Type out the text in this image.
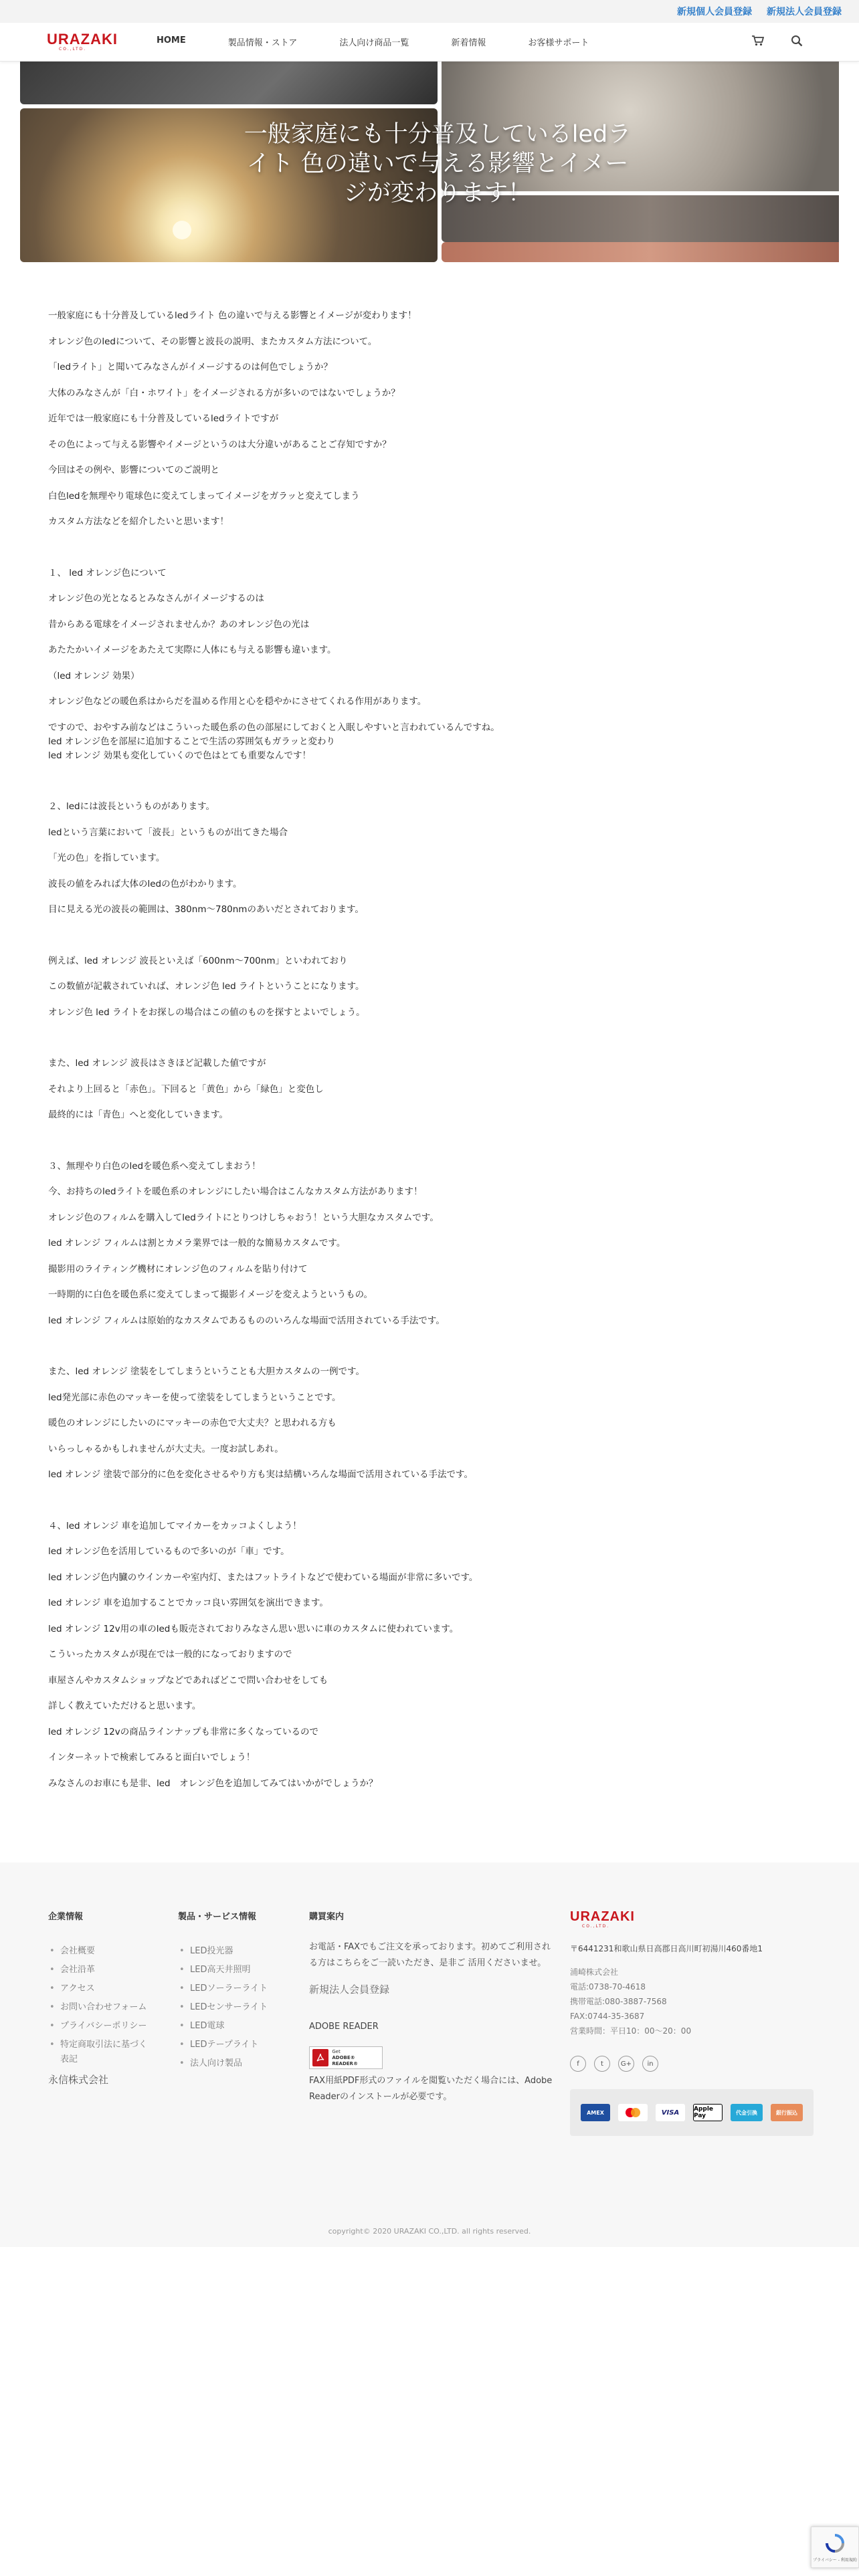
新規個人会員登録 新規法人会員登録
URAZAKI
CO.,LTD.
HOME	製品情報・ストア	法人向け商品一覧	新着情報	お客様サポート
一般家庭にも十分普及しているledライト 色の違いで与える影響とイメージが変わります！

一般家庭にも十分普及しているledライト 色の違いで与える影響とイメージが変わります！

オレンジ色のledについて、その影響と波長の説明、またカスタム方法について。

「ledライト」と聞いてみなさんがイメージするのは何色でしょうか？

大体のみなさんが「白・ホワイト」をイメージされる方が多いのではないでしょうか？

近年では一般家庭にも十分普及しているledライトですが

その色によって与える影響やイメージというのは大分違いがあることご存知ですか？

今回はその例や、影響についてのご説明と

白色ledを無理やり電球色に変えてしまってイメージをガラッと変えてしまう

カスタム方法などを紹介したいと思います！

１、 led オレンジ色について

オレンジ色の光となるとみなさんがイメージするのは

昔からある電球をイメージされませんか？あのオレンジ色の光は

あたたかいイメージをあたえて実際に人体にも与える影響も違います。

（led オレンジ 効果）

オレンジ色などの暖色系はからだを温める作用と心を穏やかにさせてくれる作用があります。

ですので、おやすみ前などはこういった暖色系の色の部屋にしておくと入眠しやすいと言われているんですね。

led オレンジ色を部屋に追加することで生活の雰囲気もガラッと変わり

led オレンジ 効果も変化していくので色はとても重要なんです！

２、ledには波長というものがあります。

ledという言葉において「波長」というものが出てきた場合

「光の色」を指しています。

波長の値をみれば大体のledの色がわかります。

目に見える光の波長の範囲は、380nm～780nmのあいだとされております。

例えば、led オレンジ 波長といえば「600nm～700nm」といわれており

この数値が記載されていれば、オレンジ色 led ライトということになります。

オレンジ色 led ライトをお探しの場合はこの値のものを探すとよいでしょう。

また、led オレンジ 波長はさきほど記載した値ですが

それより上回ると「赤色」。下回ると「黄色」から「緑色」と変色し

最終的には「青色」へと変化していきます。

３、無理やり白色のledを暖色系へ変えてしまおう！

今、お持ちのledライトを暖色系のオレンジにしたい場合はこんなカスタム方法があります！

オレンジ色のフィルムを購入してledライトにとりつけしちゃおう！という大胆なカスタムです。

led オレンジ フィルムは割とカメラ業界では一般的な簡易カスタムです。

撮影用のライティング機材にオレンジ色のフィルムを貼り付けて

一時期的に白色を暖色系に変えてしまって撮影イメージを変えようというもの。

led オレンジ フィルムは原始的なカスタムであるもののいろんな場面で活用されている手法です。

また、led オレンジ 塗装をしてしまうということも大胆カスタムの一例です。

led発光部に赤色のマッキーを使って塗装をしてしまうということです。

暖色のオレンジにしたいのにマッキーの赤色で大丈夫？と思われる方も

いらっしゃるかもしれませんが大丈夫。一度お試しあれ。

led オレンジ 塗装で部分的に色を変化させるやり方も実は結構いろんな場面で活用されている手法です。

４、led オレンジ 車を追加してマイカーをカッコよくしよう！

led オレンジ色を活用しているもので多いのが「車」です。

led オレンジ色内臓のウインカーや室内灯、またはフットライトなどで使わている場面が非常に多いです。

led オレンジ 車を追加することでカッコ良い雰囲気を演出できます。

led オレンジ 12v用の車のledも販売されておりみなさん思い思いに車のカスタムに使われています。

こういったカスタムが現在では一般的になっておりますので

車屋さんやカスタムショップなどであればどこで問い合わせをしても

詳しく教えていただけると思います。

led オレンジ 12vの商品ラインナップも非常に多くなっているので

インターネットで検索してみると面白いでしょう！

みなさんのお車にも是非、led　オレンジ色を追加してみてはいかがでしょうか？

企業情報
• 会社概要
• 会社沿革
• アクセス
• お問い合わせフォーム
• プライバシーポリシー
• 特定商取引法に基づく表記
永信株式会社
製品・サービス情報
• LED投光器
• LED高天井照明
• LEDソーラーライト
• LEDセンサーライト
• LED電球
• LEDテープライト
• 法人向け製品
購買案内
お電話・FAXでもご注文を承っております。初めてご利用される方はこちらをご一読いただき、是非ご 活用くださいませ。
新規法人会員登録
ADOBE READER
Get
ADOBE® READER®
FAX用紙PDF形式のファイルを閲覧いただく場合には、Adobe Readerのインストールが必要です。
URAZAKI
CO.,LTD.
〒6441231和歌山県日高郡日高川町初湯川460番地1
浦崎株式会社
電話:0738-70-4618
携帯電話:080-3887-7568
FAX:0744-35-3687
営業時間：平日10：00〜20：00
f	t	G+	in
AMEX	VISA	Apple Pay	代金引換	銀行振込
copyright© 2020 URAZAKI CO.,LTD. all rights reserved.
プライバシー - 利用規約
